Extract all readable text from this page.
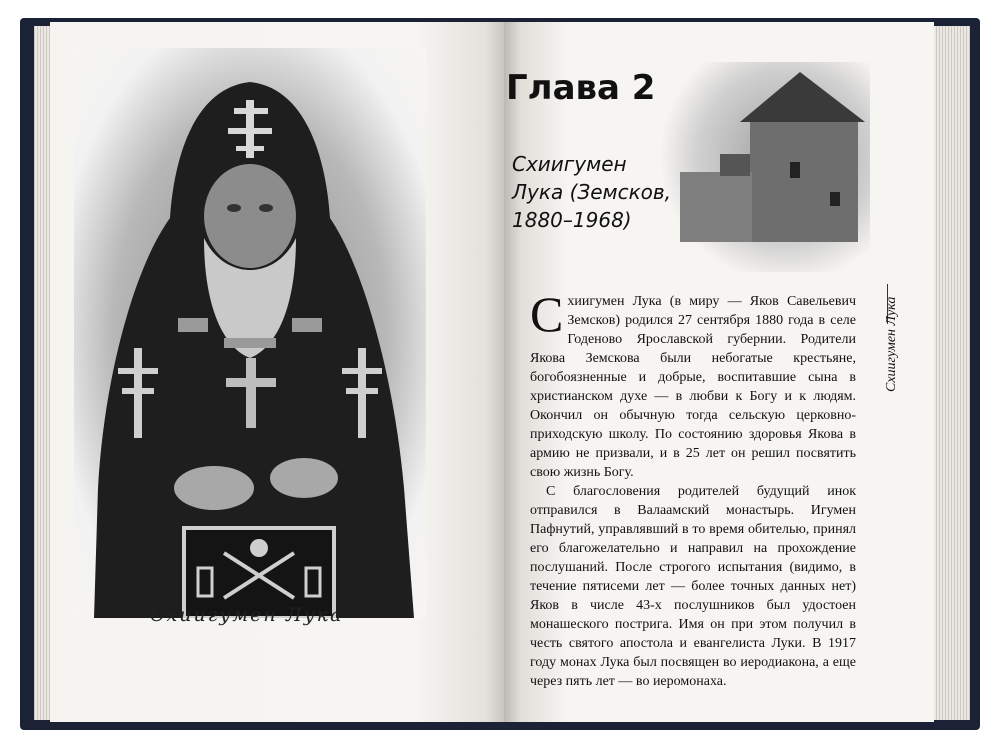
Схиигумен Лука
Глава 2
Схиигумен
Лука (Земсков,
1880–1968)
Схиигумен Лука

Схиигумен Лука (в миру — Яков Савельевич Земсков) родился 27 сентября 1880 года в селе Годеново Ярославской губернии. Родители Якова Земскова были небогатые крестьяне, богобоязненные и добрые, воспитавшие сына в христианском духе — в любви к Богу и к людям. Окончил он обычную тогда сельскую церковно-приходскую школу. По состоянию здоровья Якова в армию не призвали, и в 25 лет он решил посвятить свою жизнь Богу.

С благословения родителей будущий инок отправился в Валаамский монастырь. Игумен Пафнутий, управлявший в то время обителью, принял его благожелательно и направил на прохождение послушаний. После строгого испытания (видимо, в течение пятисеми лет — более точных данных нет) Яков в числе 43-х послушников был удостоен монашеского пострига. Имя он при этом получил в честь святого апостола и евангелиста Луки. В 1917 году монах Лука был посвящен во иеродиакона, а еще через пять лет — во иеромонаха.
